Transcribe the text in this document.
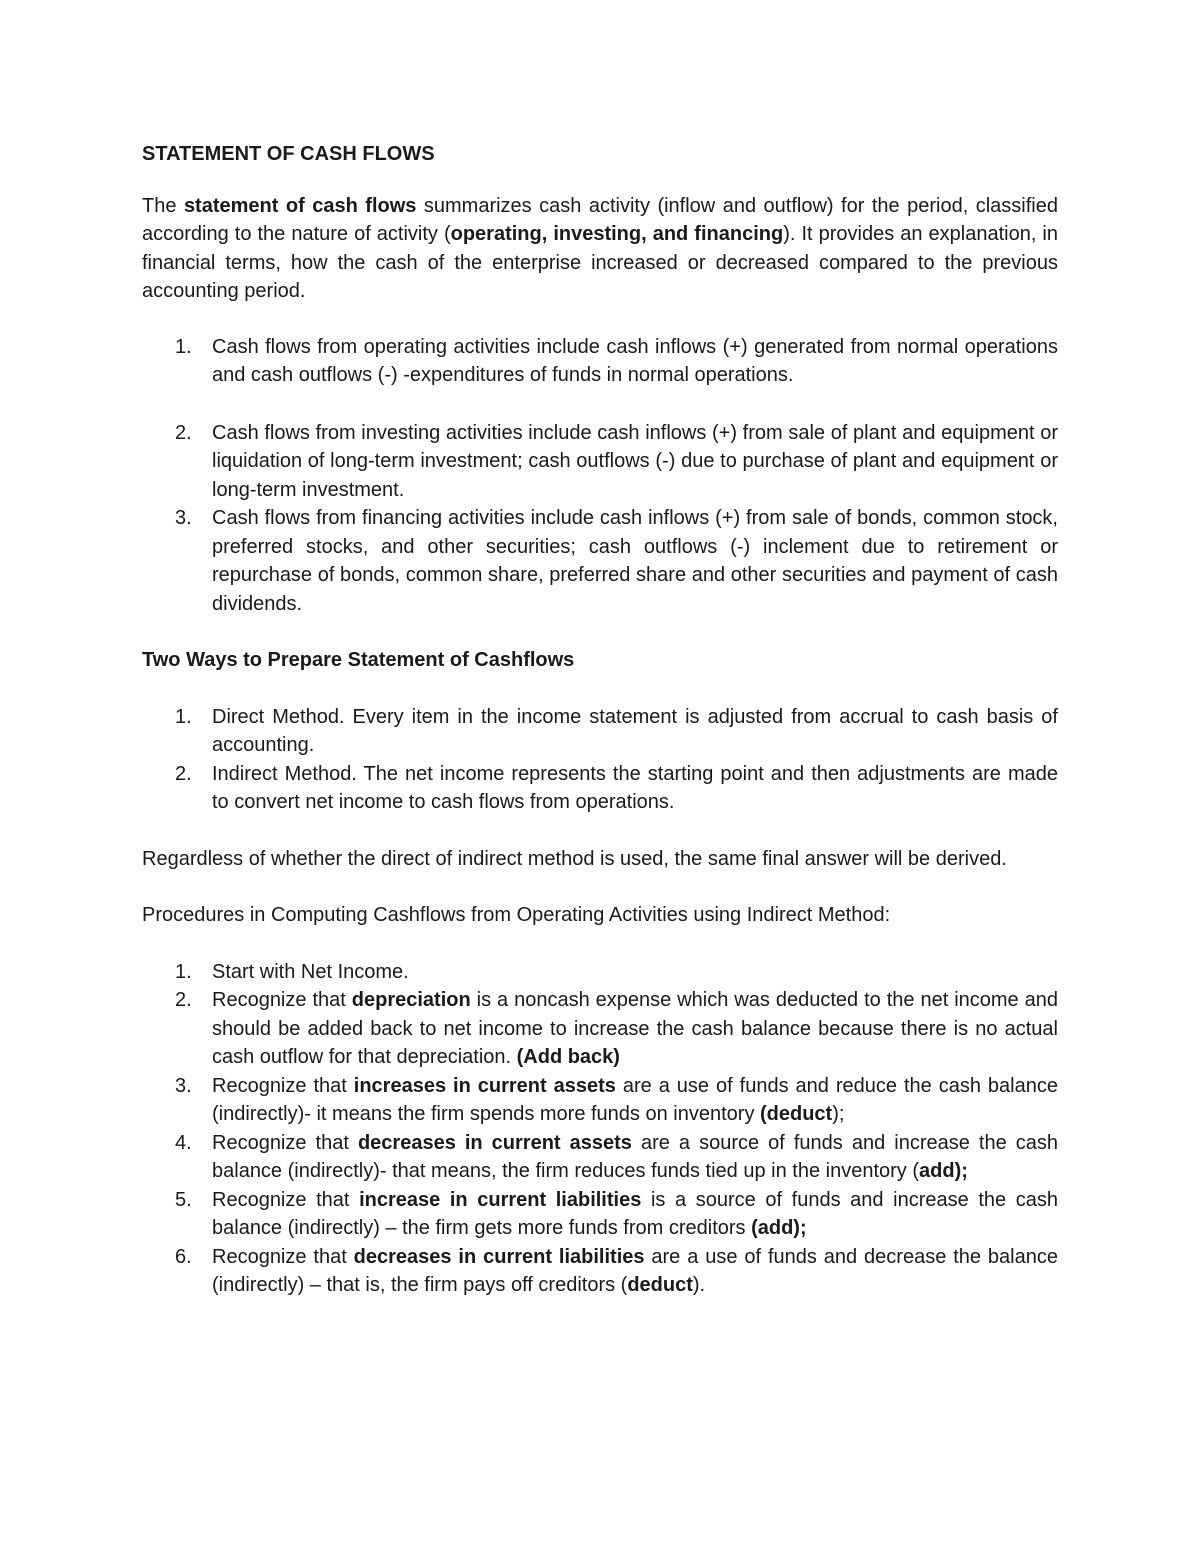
STATEMENT OF CASH FLOWS

The statement of cash flows summarizes cash activity (inflow and outflow) for the period, classified according to the nature of activity (operating, investing, and financing). It provides an explanation, in financial terms, how the cash of the enterprise increased or decreased compared to the previous accounting period.

1. Cash flows from operating activities include cash inflows (+) generated from normal operations and cash outflows (-) -expenditures of funds in normal operations.
2. Cash flows from investing activities include cash inflows (+) from sale of plant and equipment or liquidation of long-term investment; cash outflows (-) due to purchase of plant and equipment or long-term investment.
3. Cash flows from financing activities include cash inflows (+) from sale of bonds, common stock, preferred stocks, and other securities; cash outflows (-) inclement due to retirement or repurchase of bonds, common share, preferred share and other securities and payment of cash dividends.

Two Ways to Prepare Statement of Cashflows

1. Direct Method. Every item in the income statement is adjusted from accrual to cash basis of accounting.
2. Indirect Method. The net income represents the starting point and then adjustments are made to convert net income to cash flows from operations.

Regardless of whether the direct of indirect method is used, the same final answer will be derived.

Procedures in Computing Cashflows from Operating Activities using Indirect Method:

1. Start with Net Income.
2. Recognize that depreciation is a noncash expense which was deducted to the net income and should be added back to net income to increase the cash balance because there is no actual cash outflow for that depreciation. (Add back)
3. Recognize that increases in current assets are a use of funds and reduce the cash balance (indirectly)- it means the firm spends more funds on inventory (deduct);
4. Recognize that decreases in current assets are a source of funds and increase the cash balance (indirectly)- that means, the firm reduces funds tied up in the inventory (add);
5. Recognize that increase in current liabilities is a source of funds and increase the cash balance (indirectly) – the firm gets more funds from creditors (add);
6. Recognize that decreases in current liabilities are a use of funds and decrease the balance (indirectly) – that is, the firm pays off creditors (deduct).
